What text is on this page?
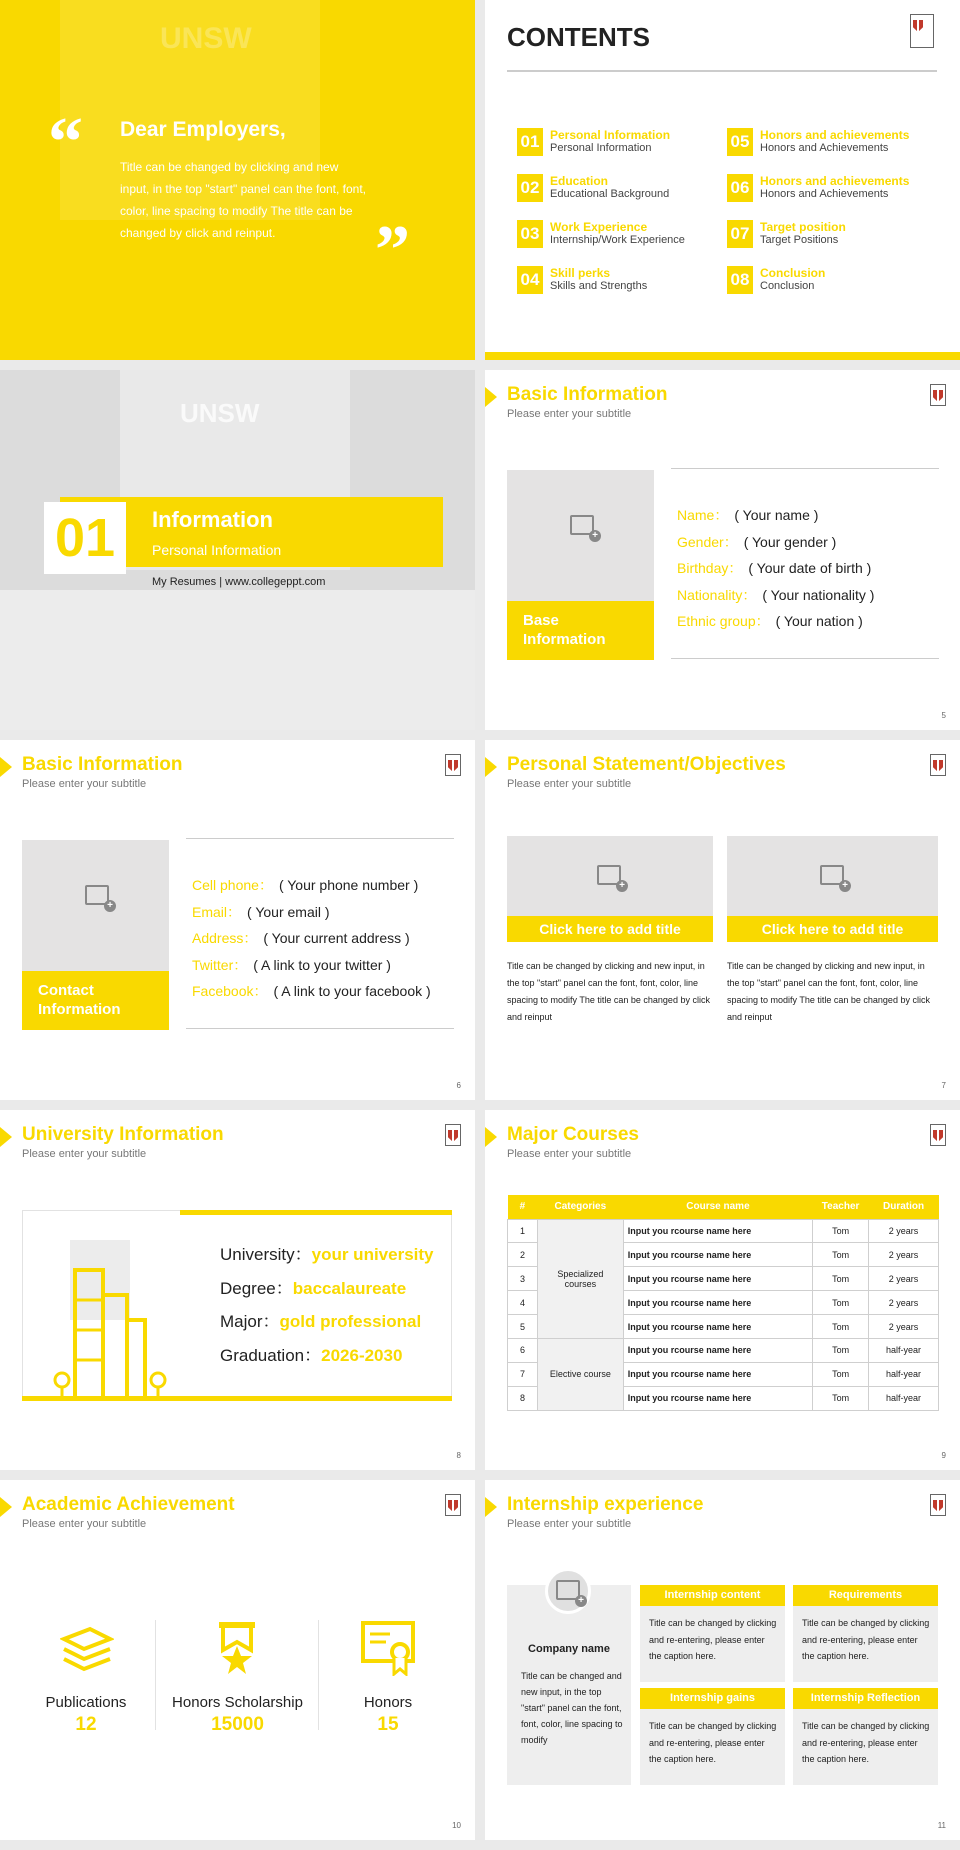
UNSW
“ Dear Employers,
Title can be changed by clicking and new input, in the top "start" panel can the font, font, color, line spacing to modify The title can be changed by click and reinput.	”
CONTENTS
01 Personal Information
Personal Information
02 Education
Educational Background
03 Work Experience
Internship/Work Experience
04 Skill perks
Skills and Strengths
05 Honors and achievements
Honors and Achievements
06 Honors and achievements
Honors and Achievements
07 Target position
Target Positions
08 Conclusion
Conclusion
UNSW
01	Information
Personal Information
My Resumes | www.collegeppt.com
Basic Information
Please enter your subtitle
+
Base Information
Name： ( Your name )
Gender： ( Your gender )
Birthday： ( Your date of birth )
Nationality： ( Your nationality )
Ethnic group： ( Your nation )
5
Basic Information
Please enter your subtitle
+
Contact Information
Cell phone： ( Your phone number )
Email： ( Your email )
Address： ( Your current address )
Twitter： ( A link to your twitter )
Facebook： ( A link to your facebook )
6
Personal Statement/Objectives
Please enter your subtitle
+
Click here to add title
Title can be changed by clicking and new input, in the top "start" panel can the font, font, color, line spacing to modify The title can be changed by click and reinput
+
Click here to add title
Title can be changed by clicking and new input, in the top "start" panel can the font, font, color, line spacing to modify The title can be changed by click and reinput
7
University Information
Please enter your subtitle
University：your university
Degree：baccalaureate
Major：gold professional
Graduation：2026-2030
8
Major Courses
Please enter your subtitle
#	Categories	Course name	Teacher	Duration
1	Specialized courses	Input you rcourse name here	Tom	2 years
2		Input you rcourse name here	Tom	2 years
3		Input you rcourse name here	Tom	2 years
4		Input you rcourse name here	Tom	2 years
5		Input you rcourse name here	Tom	2 years
6	Elective course	Input you rcourse name here	Tom	half-year
7		Input you rcourse name here	Tom	half-year
8		Input you rcourse name here	Tom	half-year
9
Academic Achievement
Please enter your subtitle
Publications
12
Honors Scholarship
15000
Honors
15
10
Internship experience
Please enter your subtitle
+
Company name
Title can be changed and new input, in the top "start" panel can the font, font, color, line spacing to modify
Internship content
Title can be changed by clicking and re-entering, please enter the caption here.
Requirements
Title can be changed by clicking and re-entering, please enter the caption here.
Internship gains
Title can be changed by clicking and re-entering, please enter the caption here.
Internship Reflection
Title can be changed by clicking and re-entering, please enter the caption here.
11
